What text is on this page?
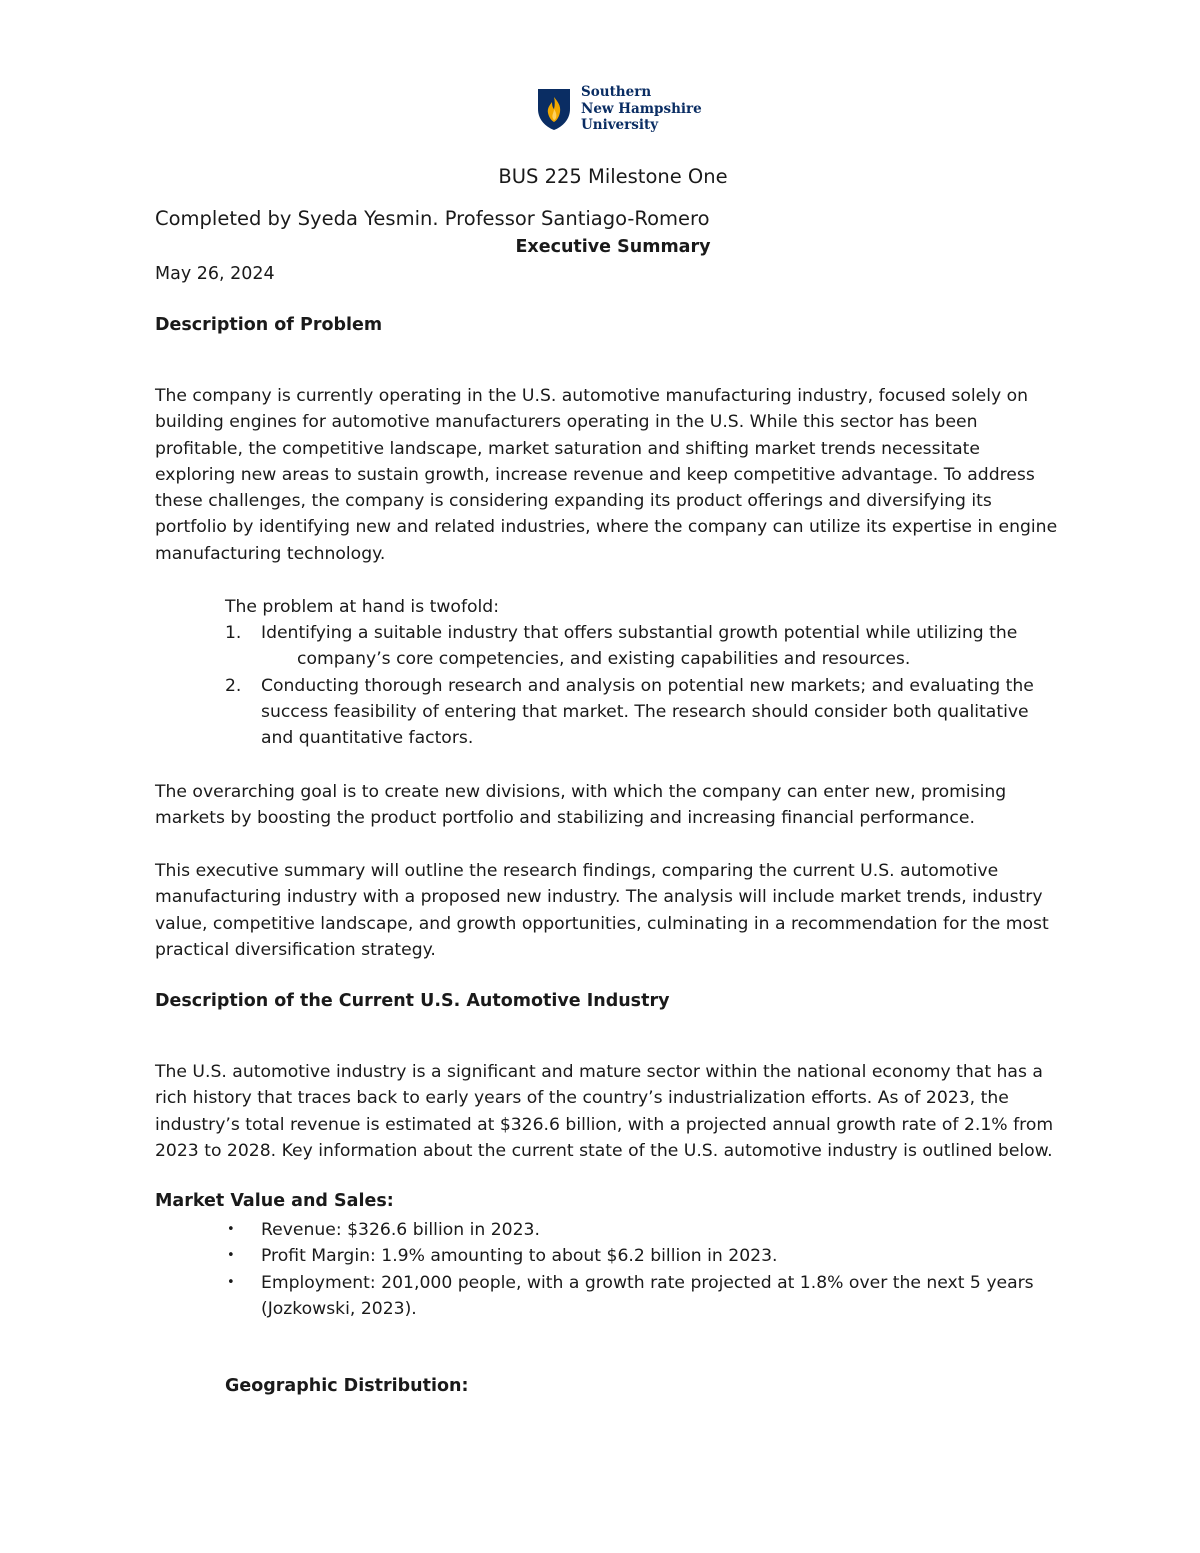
Southern
New Hampshire
University
BUS 225 Milestone One
Completed by Syeda Yesmin. Professor Santiago-Romero
Executive Summary
May 26, 2024
Description of Problem
The company is currently operating in the U.S. automotive manufacturing industry, focused solely on
building engines for automotive manufacturers operating in the U.S. While this sector has been
profitable, the competitive landscape, market saturation and shifting market trends necessitate
exploring new areas to sustain growth, increase revenue and keep competitive advantage. To address
these challenges, the company is considering expanding its product offerings and diversifying its
portfolio by identifying new and related industries, where the company can utilize its expertise in engine
manufacturing technology.
The problem at hand is twofold:
1. Identifying a suitable industry that offers substantial growth potential while utilizing the
company’s core competencies, and existing capabilities and resources.
2. Conducting thorough research and analysis on potential new markets; and evaluating the
success feasibility of entering that market. The research should consider both qualitative
and quantitative factors.
The overarching goal is to create new divisions, with which the company can enter new, promising
markets by boosting the product portfolio and stabilizing and increasing financial performance.
This executive summary will outline the research findings, comparing the current U.S. automotive
manufacturing industry with a proposed new industry. The analysis will include market trends, industry
value, competitive landscape, and growth opportunities, culminating in a recommendation for the most
practical diversification strategy.
Description of the Current U.S. Automotive Industry
The U.S. automotive industry is a significant and mature sector within the national economy that has a
rich history that traces back to early years of the country’s industrialization efforts. As of 2023, the
industry’s total revenue is estimated at $326.6 billion, with a projected annual growth rate of 2.1% from
2023 to 2028. Key information about the current state of the U.S. automotive industry is outlined below.
Market Value and Sales:
• Revenue: $326.6 billion in 2023.
• Profit Margin: 1.9% amounting to about $6.2 billion in 2023.
• Employment: 201,000 people, with a growth rate projected at 1.8% over the next 5 years
(Jozkowski, 2023).
Geographic Distribution:
